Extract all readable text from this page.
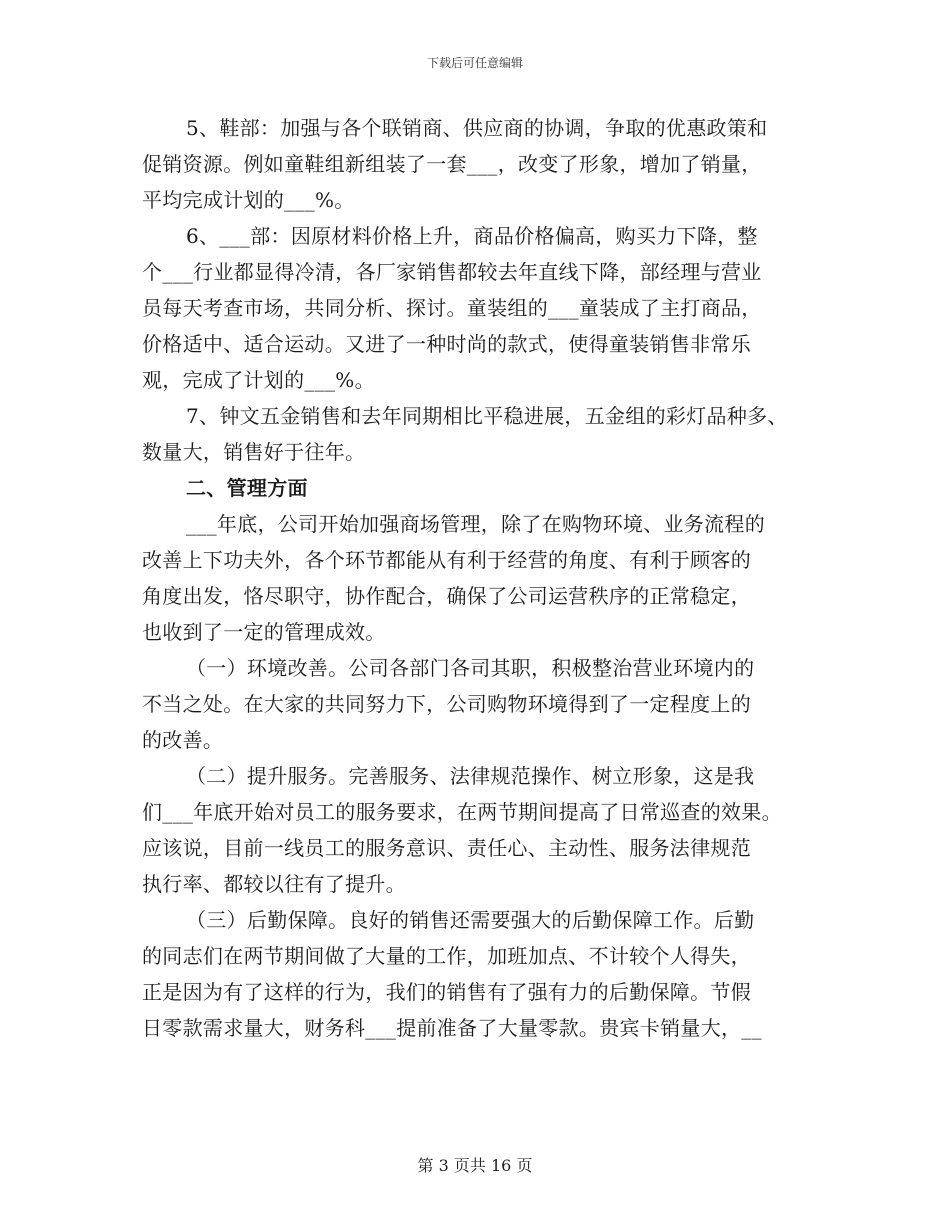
下载后可任意编辑
5、鞋部：加强与各个联销商、供应商的协调，争取的优惠政策和
促销资源。例如童鞋组新组装了一套___，改变了形象，增加了销量，
平均完成计划的___%。
6、___部：因原材料价格上升，商品价格偏高，购买力下降，整
个___行业都显得冷清，各厂家销售都较去年直线下降，部经理与营业
员每天考查市场，共同分析、探讨。童装组的___童装成了主打商品，
价格适中、适合运动。又进了一种时尚的款式，使得童装销售非常乐
观，完成了计划的___%。
7、钟文五金销售和去年同期相比平稳进展，五金组的彩灯品种多、
数量大，销售好于往年。
二、管理方面
___年底，公司开始加强商场管理，除了在购物环境、业务流程的
改善上下功夫外，各个环节都能从有利于经营的角度、有利于顾客的
角度出发，恪尽职守，协作配合，确保了公司运营秩序的正常稳定，
也收到了一定的管理成效。
（一）环境改善。公司各部门各司其职，积极整治营业环境内的
不当之处。在大家的共同努力下，公司购物环境得到了一定程度上的
的改善。
（二）提升服务。完善服务、法律规范操作、树立形象，这是我
们___年底开始对员工的服务要求，在两节期间提高了日常巡查的效果。
应该说，目前一线员工的服务意识、责任心、主动性、服务法律规范
执行率、都较以往有了提升。
（三）后勤保障。良好的销售还需要强大的后勤保障工作。后勤
的同志们在两节期间做了大量的工作，加班加点、不计较个人得失，
正是因为有了这样的行为，我们的销售有了强有力的后勤保障。节假
日零款需求量大，财务科___提前准备了大量零款。贵宾卡销量大，__
第 3 页共 16 页
